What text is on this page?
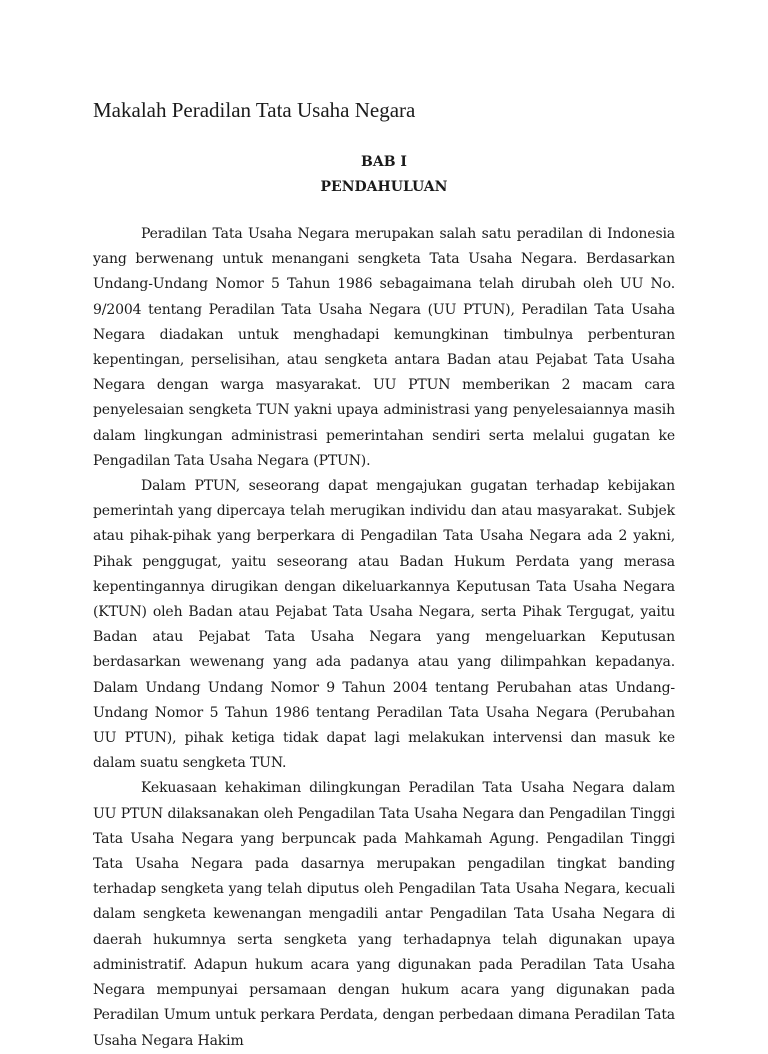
Makalah Peradilan Tata Usaha Negara
BAB I
PENDAHULUAN

Peradilan Tata Usaha Negara merupakan salah satu peradilan di Indonesia yang berwenang untuk menangani sengketa Tata Usaha Negara. Berdasarkan Undang-Undang Nomor 5 Tahun 1986 sebagaimana telah dirubah oleh UU No. 9/2004 tentang Peradilan Tata Usaha Negara (UU PTUN), Peradilan Tata Usaha Negara diadakan untuk menghadapi kemungkinan timbulnya perbenturan kepentingan, perselisihan, atau sengketa antara Badan atau Pejabat Tata Usaha Negara dengan warga masyarakat. UU PTUN memberikan 2 macam cara penyelesaian sengketa TUN yakni upaya administrasi yang penyelesaiannya masih dalam lingkungan administrasi pemerintahan sendiri serta melalui gugatan ke Pengadilan Tata Usaha Negara (PTUN).

Dalam PTUN, seseorang dapat mengajukan gugatan terhadap kebijakan pemerintah yang dipercaya telah merugikan individu dan atau masyarakat. Subjek atau pihak-pihak yang berperkara di Pengadilan Tata Usaha Negara ada 2 yakni, Pihak penggugat, yaitu seseorang atau Badan Hukum Perdata yang merasa kepentingannya dirugikan dengan dikeluarkannya Keputusan Tata Usaha Negara (KTUN) oleh Badan atau Pejabat Tata Usaha Negara, serta Pihak Tergugat, yaitu Badan atau Pejabat Tata Usaha Negara yang mengeluarkan Keputusan berdasarkan wewenang yang ada padanya atau yang dilimpahkan kepadanya. Dalam Undang Undang Nomor 9 Tahun 2004 tentang Perubahan atas Undang-Undang Nomor 5 Tahun 1986 tentang Peradilan Tata Usaha Negara (Perubahan UU PTUN), pihak ketiga tidak dapat lagi melakukan intervensi dan masuk ke dalam suatu sengketa TUN.

Kekuasaan kehakiman dilingkungan Peradilan Tata Usaha Negara dalam UU PTUN dilaksanakan oleh Pengadilan Tata Usaha Negara dan Pengadilan Tinggi Tata Usaha Negara yang berpuncak pada Mahkamah Agung. Pengadilan Tinggi Tata Usaha Negara pada dasarnya merupakan pengadilan tingkat banding terhadap sengketa yang telah diputus oleh Pengadilan Tata Usaha Negara, kecuali dalam sengketa kewenangan mengadili antar Pengadilan Tata Usaha Negara di daerah hukumnya serta sengketa yang terhadapnya telah digunakan upaya administratif. Adapun hukum acara yang digunakan pada Peradilan Tata Usaha Negara mempunyai persamaan dengan hukum acara yang digunakan pada Peradilan Umum untuk perkara Perdata, dengan perbedaan dimana Peradilan Tata Usaha Negara Hakim
